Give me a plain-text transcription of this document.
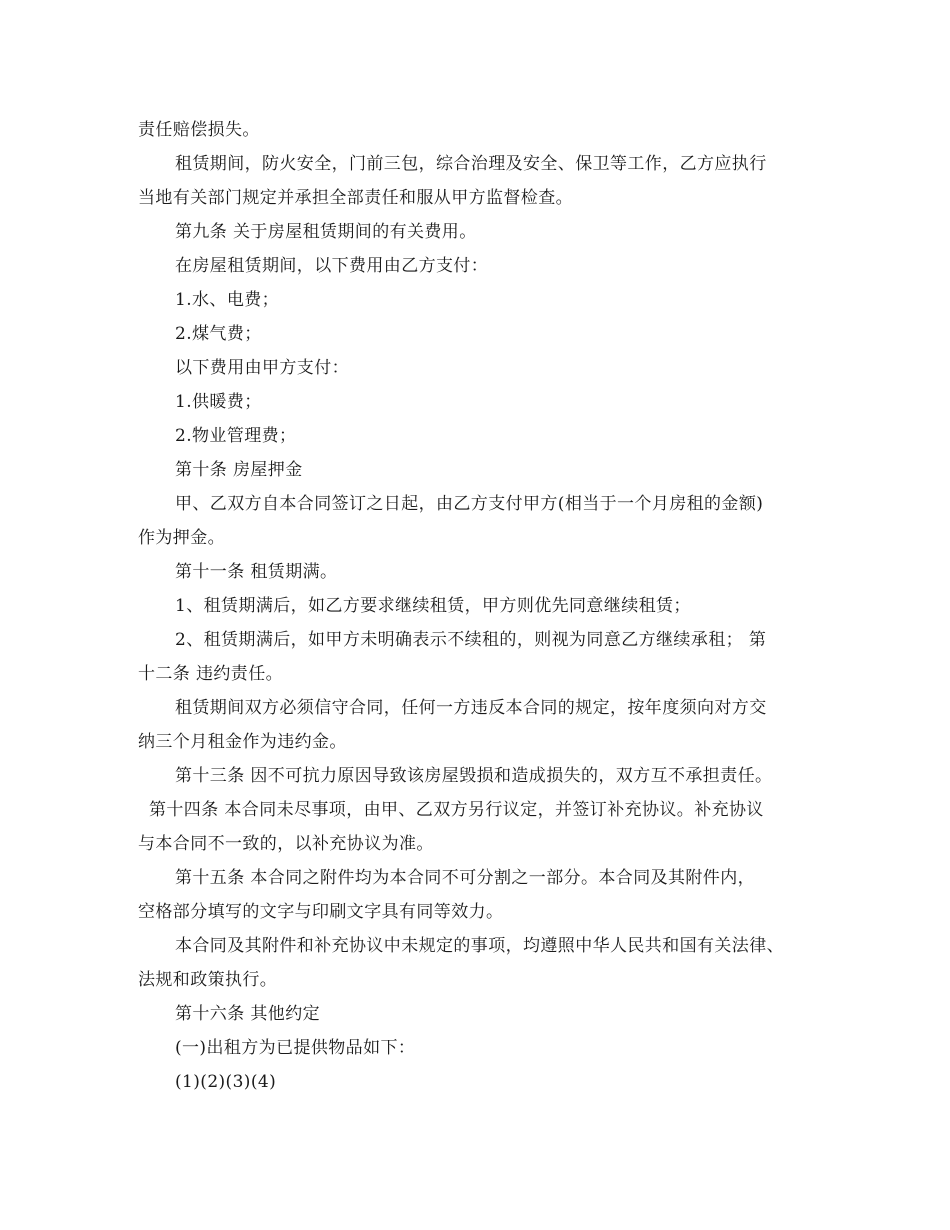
责任赔偿损失。
租赁期间，防火安全，门前三包，综合治理及安全、保卫等工作，乙方应执行
当地有关部门规定并承担全部责任和服从甲方监督检查。
第九条 关于房屋租赁期间的有关费用。
在房屋租赁期间，以下费用由乙方支付：
1.水、电费；
2.煤气费；
以下费用由甲方支付：
1.供暖费；
2.物业管理费；
第十条 房屋押金
甲、乙双方自本合同签订之日起，由乙方支付甲方(相当于一个月房租的金额)
作为押金。
第十一条 租赁期满。
1、租赁期满后，如乙方要求继续租赁，甲方则优先同意继续租赁；
2、租赁期满后，如甲方未明确表示不续租的，则视为同意乙方继续承租； 第
十二条 违约责任。
租赁期间双方必须信守合同，任何一方违反本合同的规定，按年度须向对方交
纳三个月租金作为违约金。
第十三条 因不可抗力原因导致该房屋毁损和造成损失的，双方互不承担责任。
第十四条 本合同未尽事项，由甲、乙双方另行议定，并签订补充协议。补充协议
与本合同不一致的，以补充协议为准。
第十五条 本合同之附件均为本合同不可分割之一部分。本合同及其附件内，
空格部分填写的文字与印刷文字具有同等效力。
本合同及其附件和补充协议中未规定的事项，均遵照中华人民共和国有关法律、
法规和政策执行。
第十六条 其他约定
(一)出租方为已提供物品如下：
(1)(2)(3)(4)
